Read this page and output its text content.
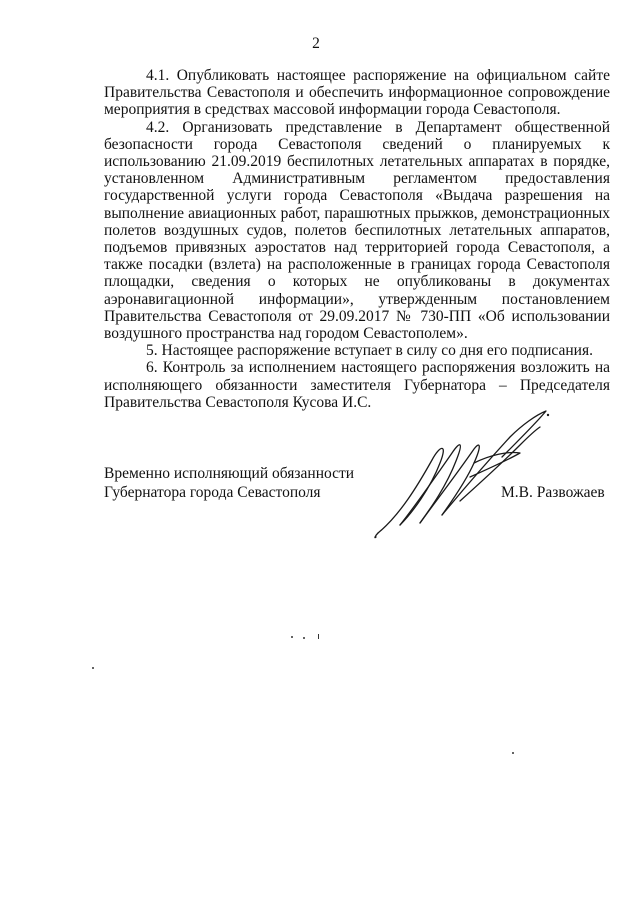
2

4.1. Опубликовать настоящее распоряжение на официальном сайте Правительства Севастополя и обеспечить информационное сопровождение мероприятия в средствах массовой информации города Севастополя.

4.2. Организовать представление в Департамент общественной безопасности города Севастополя сведений о планируемых к использованию 21.09.2019 беспилотных летательных аппаратах в порядке, установленном Административным регламентом предоставления государственной услуги города Севастополя «Выдача разрешения на выполнение авиационных работ, парашютных прыжков, демонстрационных полетов воздушных судов, полетов беспилотных летательных аппаратов, подъемов привязных аэростатов над территорией города Севастополя, а также посадки (взлета) на расположенные в границах города Севастополя площадки, сведения о которых не опубликованы в документах аэронавигационной информации», утвержденным постановлением Правительства Севастополя от 29.09.2017 № 730-ПП «Об использовании воздушного пространства над городом Севастополем».

5. Настоящее распоряжение вступает в силу со дня его подписания.

6. Контроль за исполнением настоящего распоряжения возложить на исполняющего обязанности заместителя Губернатора – Председателя Правительства Севастополя Кусова И.С.

Временно исполняющий обязанности
Губернатора города Севастополя	М.В. Развожаев
